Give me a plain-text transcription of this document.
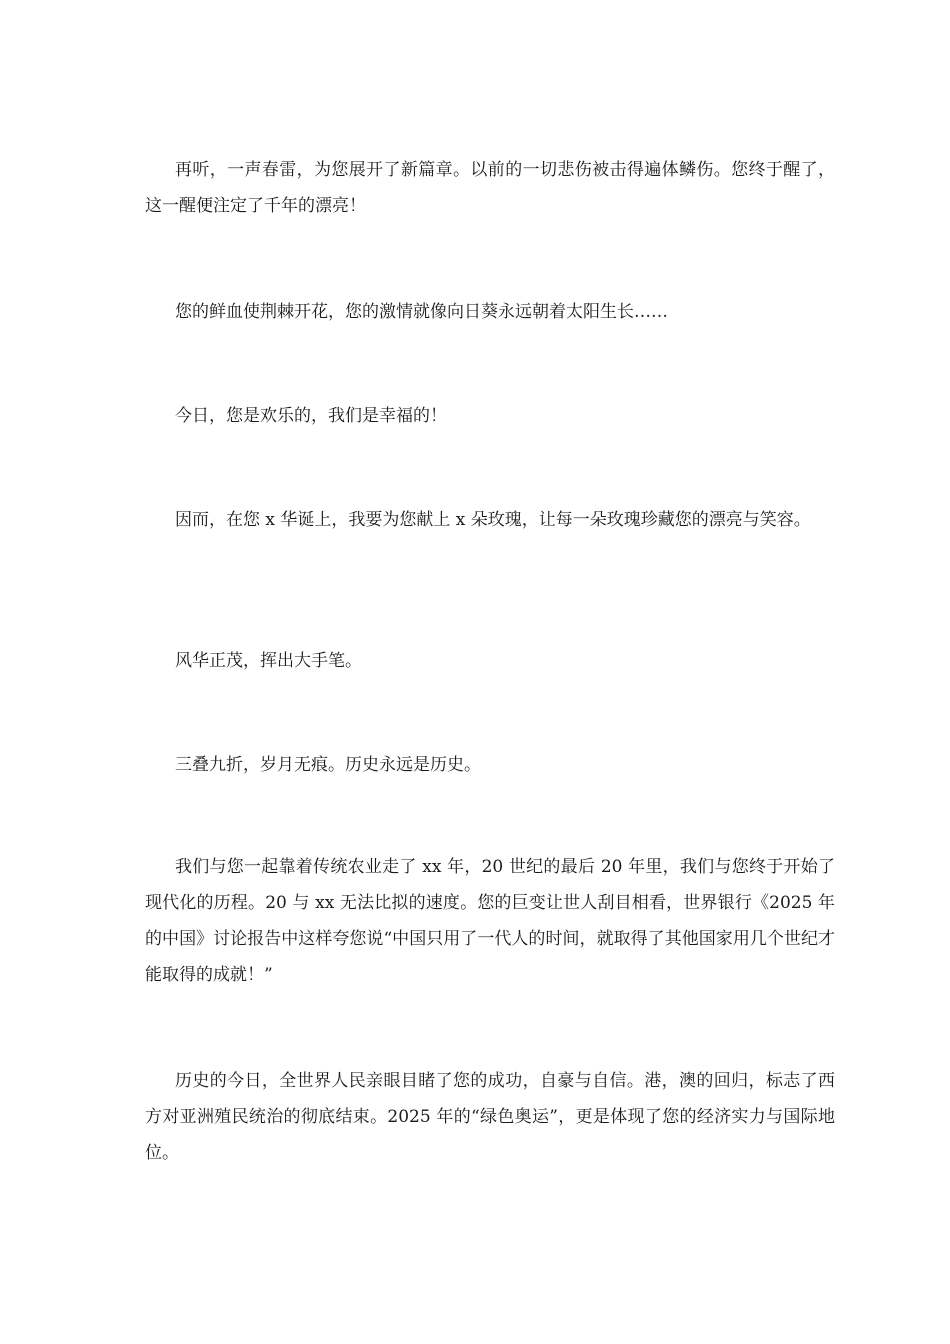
再听，一声春雷，为您展开了新篇章。以前的一切悲伤被击得遍体鳞伤。您终于醒了，这一醒便注定了千年的漂亮！

您的鲜血使荆棘开花，您的激情就像向日葵永远朝着太阳生长……

今日，您是欢乐的，我们是幸福的！

因而，在您 x 华诞上，我要为您献上 x 朵玫瑰，让每一朵玫瑰珍藏您的漂亮与笑容。

风华正茂，挥出大手笔。

三叠九折，岁月无痕。历史永远是历史。

我们与您一起靠着传统农业走了 xx 年，20 世纪的最后 20 年里，我们与您终于开始了现代化的历程。20 与 xx 无法比拟的速度。您的巨变让世人刮目相看，世界银行《2025 年的中国》讨论报告中这样夸您说“中国只用了一代人的时间，就取得了其他国家用几个世纪才能取得的成就！”

历史的今日，全世界人民亲眼目睹了您的成功，自豪与自信。港，澳的回归，标志了西方对亚洲殖民统治的彻底结束。2025 年的“绿色奥运”，更是体现了您的经济实力与国际地位。
